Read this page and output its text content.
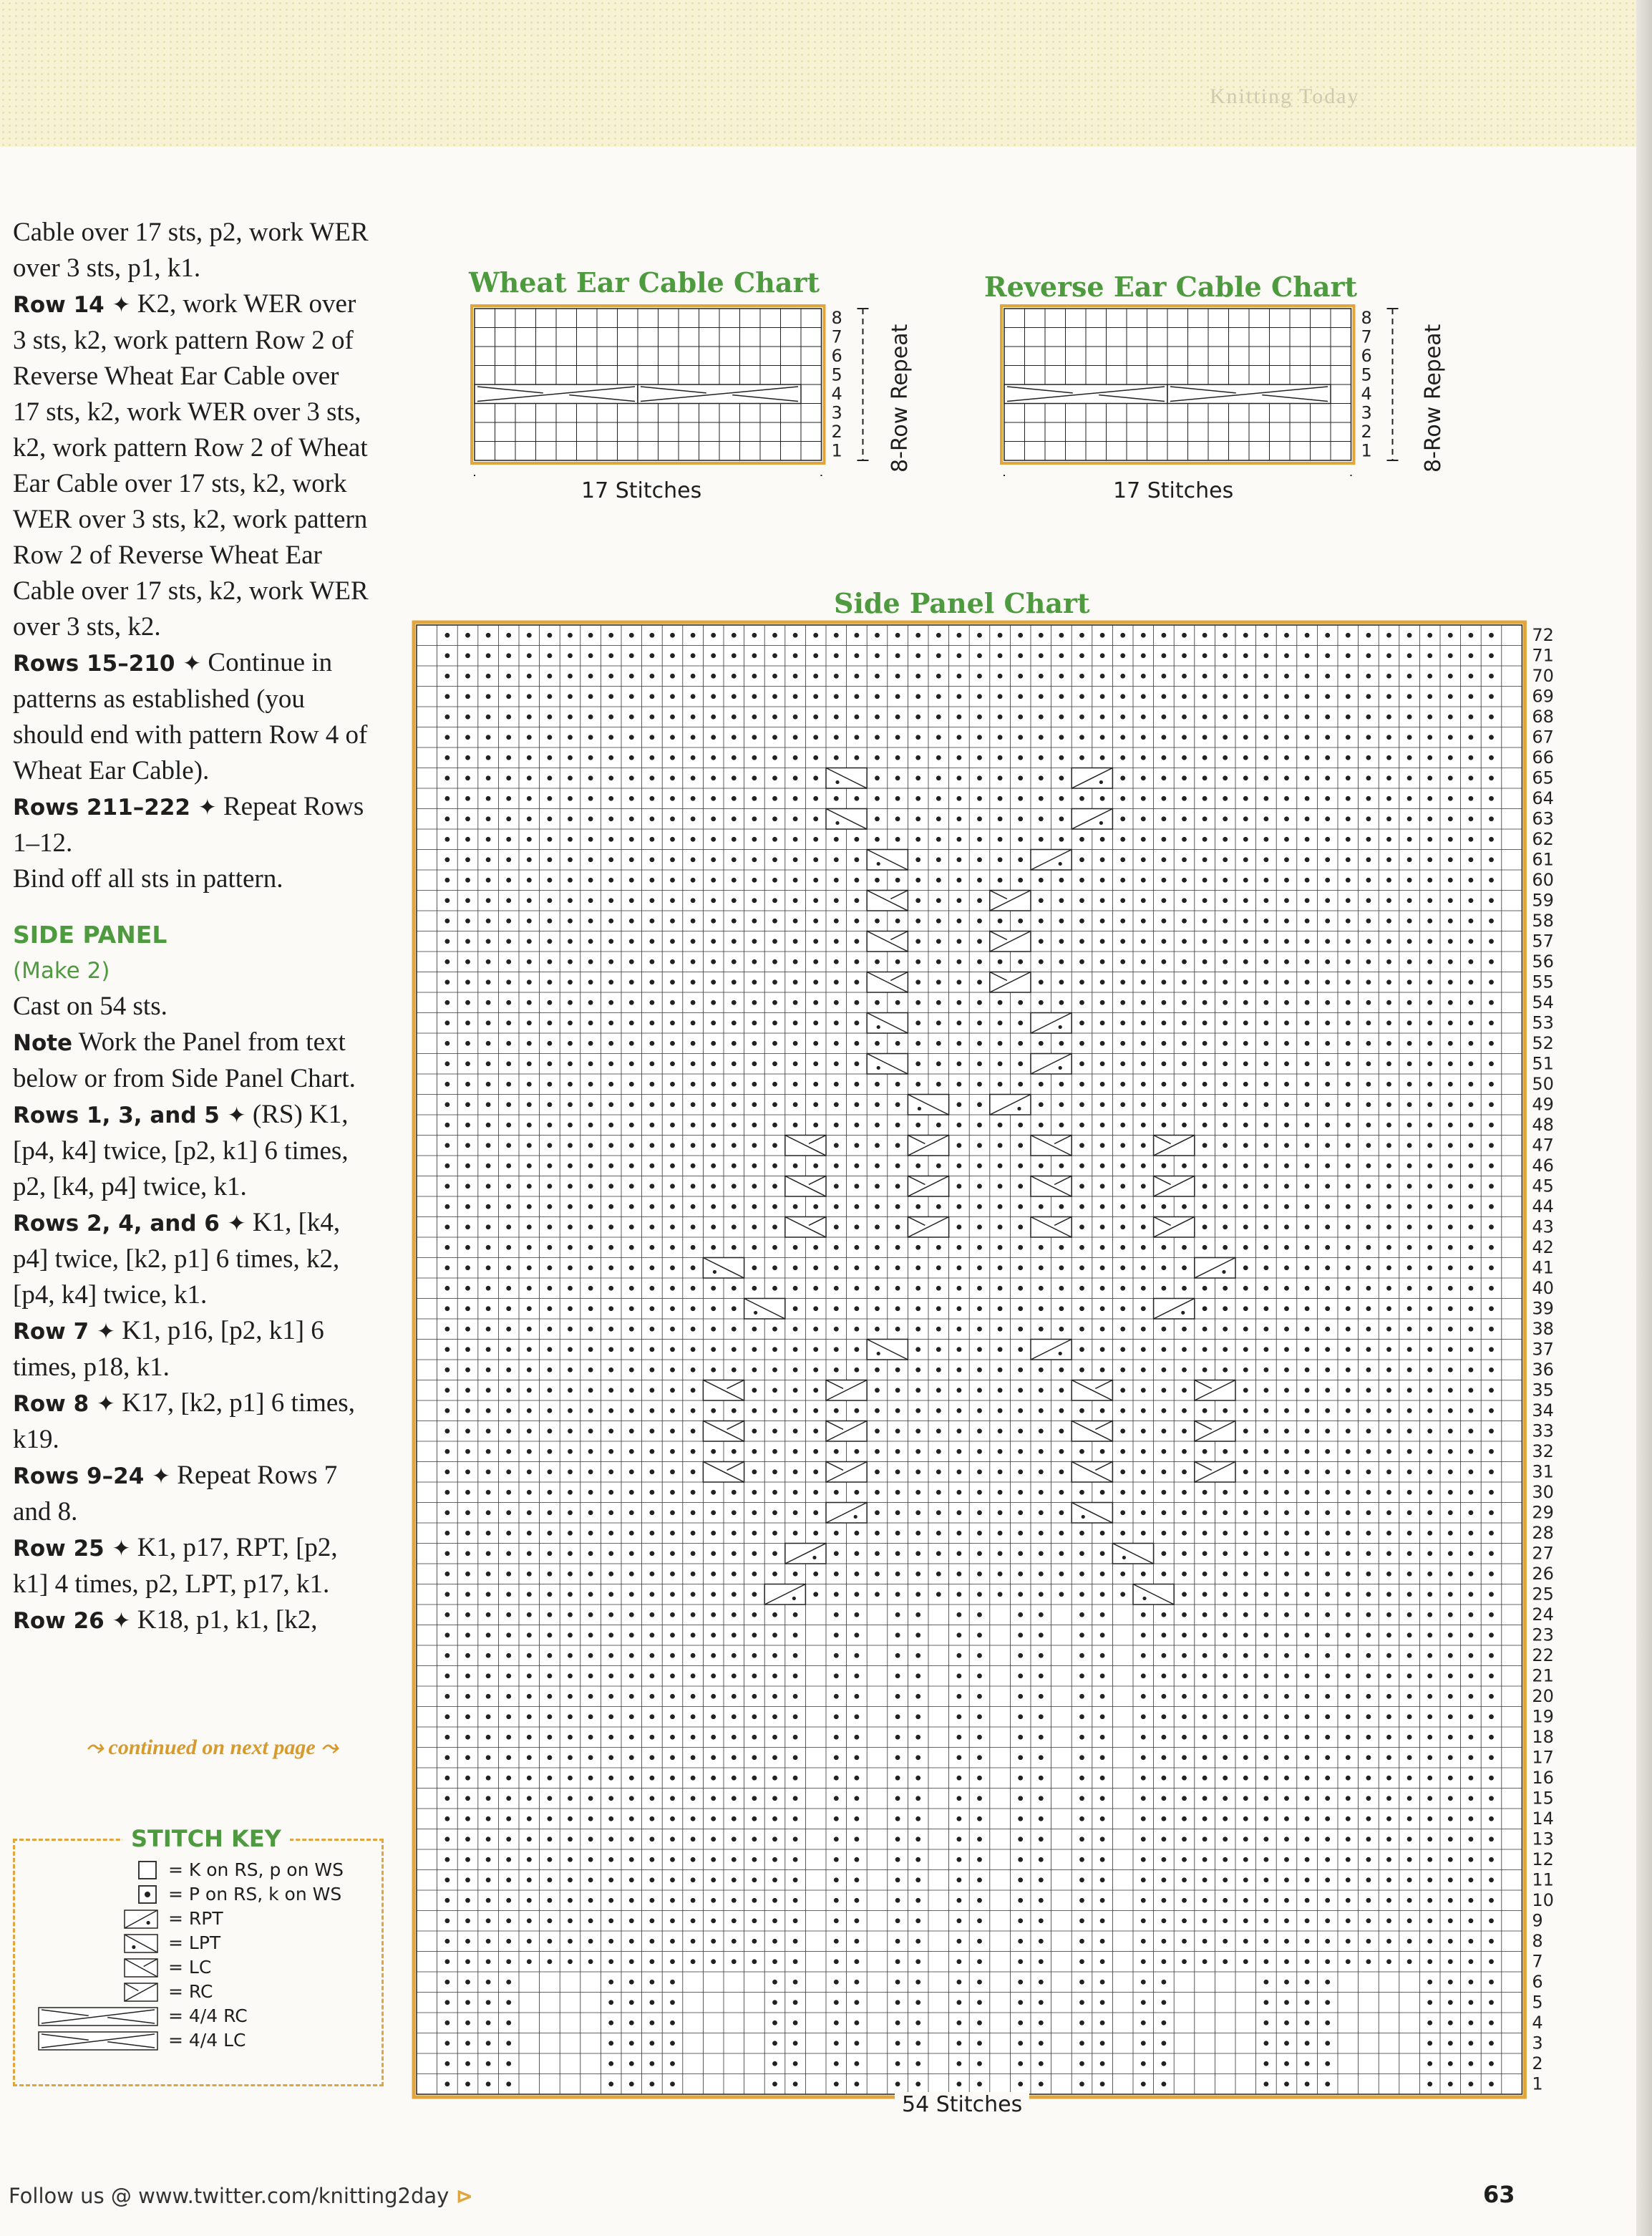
Knitting Today

Cable over 17 sts, p2, work WER over 3 sts, p1, k1.

Row 14 ✦ K2, work WER over 3 sts, k2, work pattern Row 2 of Reverse Wheat Ear Cable over 17 sts, k2, work WER over 3 sts, k2, work pattern Row 2 of Wheat Ear Cable over 17 sts, k2, work WER over 3 sts, k2, work pattern Row 2 of Reverse Wheat Ear Cable over 17 sts, k2, work WER over 3 sts, k2.

Rows 15–210 ✦ Continue in patterns as established (you should end with pattern Row 4 of Wheat Ear Cable).

Rows 211–222 ✦ Repeat Rows 1–12.

Bind off all sts in pattern.

SIDE PANEL

(Make 2)

Cast on 54 sts.

Note Work the Panel from text below or from Side Panel Chart.

Rows 1, 3, and 5 ✦ (RS) K1, [p4, k4] twice, [p2, k1] 6 times, p2, [k4, p4] twice, k1.

Rows 2, 4, and 6 ✦ K1, [k4, p4] twice, [k2, p1] 6 times, k2, [p4, k4] twice, k1.

Row 7 ✦ K1, p16, [p2, k1] 6 times, p18, k1.

Row 8 ✦ K17, [k2, p1] 6 times, k19.

Rows 9–24 ✦ Repeat Rows 7 and 8.

Row 25 ✦ K1, p17, RPT, [p2, k1] 4 times, p2, LPT, p17, k1.

Row 26 ✦ K18, p1, k1, [k2,

⤳ continued on next page ⤳
STITCH KEY
= K on RS, p on WS
= P on RS, k on WS
= RPT
= LPT
= LC
= RC
= 4/4 RC
= 4/4 LC
Wheat Ear Cable Chart
8
7
6
5
4
3
2
1
17 Stitches
8-Row Repeat
Reverse Ear Cable Chart
8
7
6
5
4
3
2
1
17 Stitches
8-Row Repeat
Side Panel Chart
72
71
70
69
68
67
66
65
64
63
62
61
60
59
58
57
56
55
54
53
52
51
50
49
48
47
46
45
44
43
42
41
40
39
38
37
36
35
34
33
32
31
30
29
28
27
26
25
24
23
22
21
20
19
18
17
16
15
14
13
12
11
10
9
8
7
6
5
4
3
2
1
54 Stitches
Follow us @ www.twitter.com/knitting2day ⊳	63
